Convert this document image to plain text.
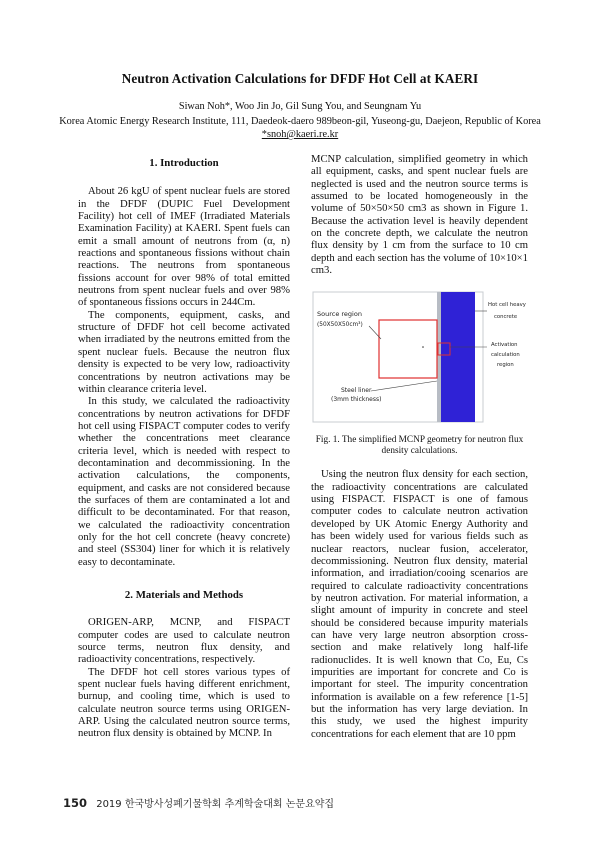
Neutron Activation Calculations for DFDF Hot Cell at KAERI
Siwan Noh*, Woo Jin Jo, Gil Sung You, and Seungnam Yu
Korea Atomic Energy Research Institute, 111, Daedeok-daero 989beon-gil, Yuseong-gu, Daejeon, Republic of Korea
*snoh@kaeri.re.kr
1. Introduction

About 26 kgU of spent nuclear fuels are stored in the DFDF (DUPIC Fuel Development Facility) hot cell of IMEF (Irradiated Materials Examination Facility) at KAERI. Spent fuels can emit a small amount of neutrons from (α, n) reactions and spontaneous fissions without chain reactions. The neutrons from spontaneous fissions account for over 98% of total emitted neutrons from spent nuclear fuels and over 98% of spontaneous fissions occurs in 244Cm.

The components, equipment, casks, and structure of DFDF hot cell become activated when irradiated by the neutrons emitted from the spent nuclear fuels. Because the neutron flux density is expected to be very low, radioactivity concentrations by neutron activations may be within clearance criteria level.

In this study, we calculated the radioactivity concentrations by neutron activations for DFDF hot cell using FISPACT computer codes to verify whether the concentrations meet clearance criteria level, which is needed with respect to decontamination and decommissioning. In the activation calculations, the components, equipment, and casks are not considered because the surfaces of them are contaminated a lot and difficult to be decontaminated. For that reason, we calculated the radioactivity concentration only for the hot cell concrete (heavy concrete) and steel (SS304) liner for which it is relatively easy to decontaminate.

2. Materials and Methods

ORIGEN-ARP, MCNP, and FISPACT computer codes are used to calculate neutron source terms, neutron flux density, and radioactivity concentrations, respectively.

The DFDF hot cell stores various types of spent nuclear fuels having different enrichment, burnup, and cooling time, which is used to calculate neutron source terms using ORIGEN-ARP. Using the calculated neutron source terms, neutron flux density is obtained by MCNP. In

MCNP calculation, simplified geometry in which all equipment, casks, and spent nuclear fuels are neglected is used and the neutron source terms is assumed to be located homogeneously in the volume of 50×50×50 cm3 as shown in Figure 1. Because the activation level is heavily dependent on the concrete depth, we calculate the neutron flux density by 1 cm from the surface to 10 cm depth and each section has the volume of 10×10×1 cm3.

Source region
(50X50X50cm³)
Hot cell heavy
concrete
Activation
calculation
region
Steel liner
(3mm thickness)
Fig. 1. The simplified MCNP geometry for neutron flux density calculations.

Using the neutron flux density for each section, the radioactivity concentrations are calculated using FISPACT. FISPACT is one of famous computer codes to calculate neutron activation developed by UK Atomic Energy Authority and has been widely used for various fields such as nuclear reactors, nuclear fusion, accelerator, decommissioning. Neutron flux density, material information, and irradiation/cooing scenarios are required to calculate radioactivity concentrations by neutron activation. For material information, a slight amount of impurity in concrete and steel should be considered because impurity materials can have very large neutron absorption cross-section and make relatively long half-life radionuclides. It is well known that Co, Eu, Cs impurities are important for concrete and Co is important for steel. The impurity concentration information is available on a few reference [1-5] but the information has very large deviation. In this study, we used the highest impurity concentrations for each element that are 10 ppm

150 2019 한국방사성폐기물학회 추계학술대회 논문요약집
